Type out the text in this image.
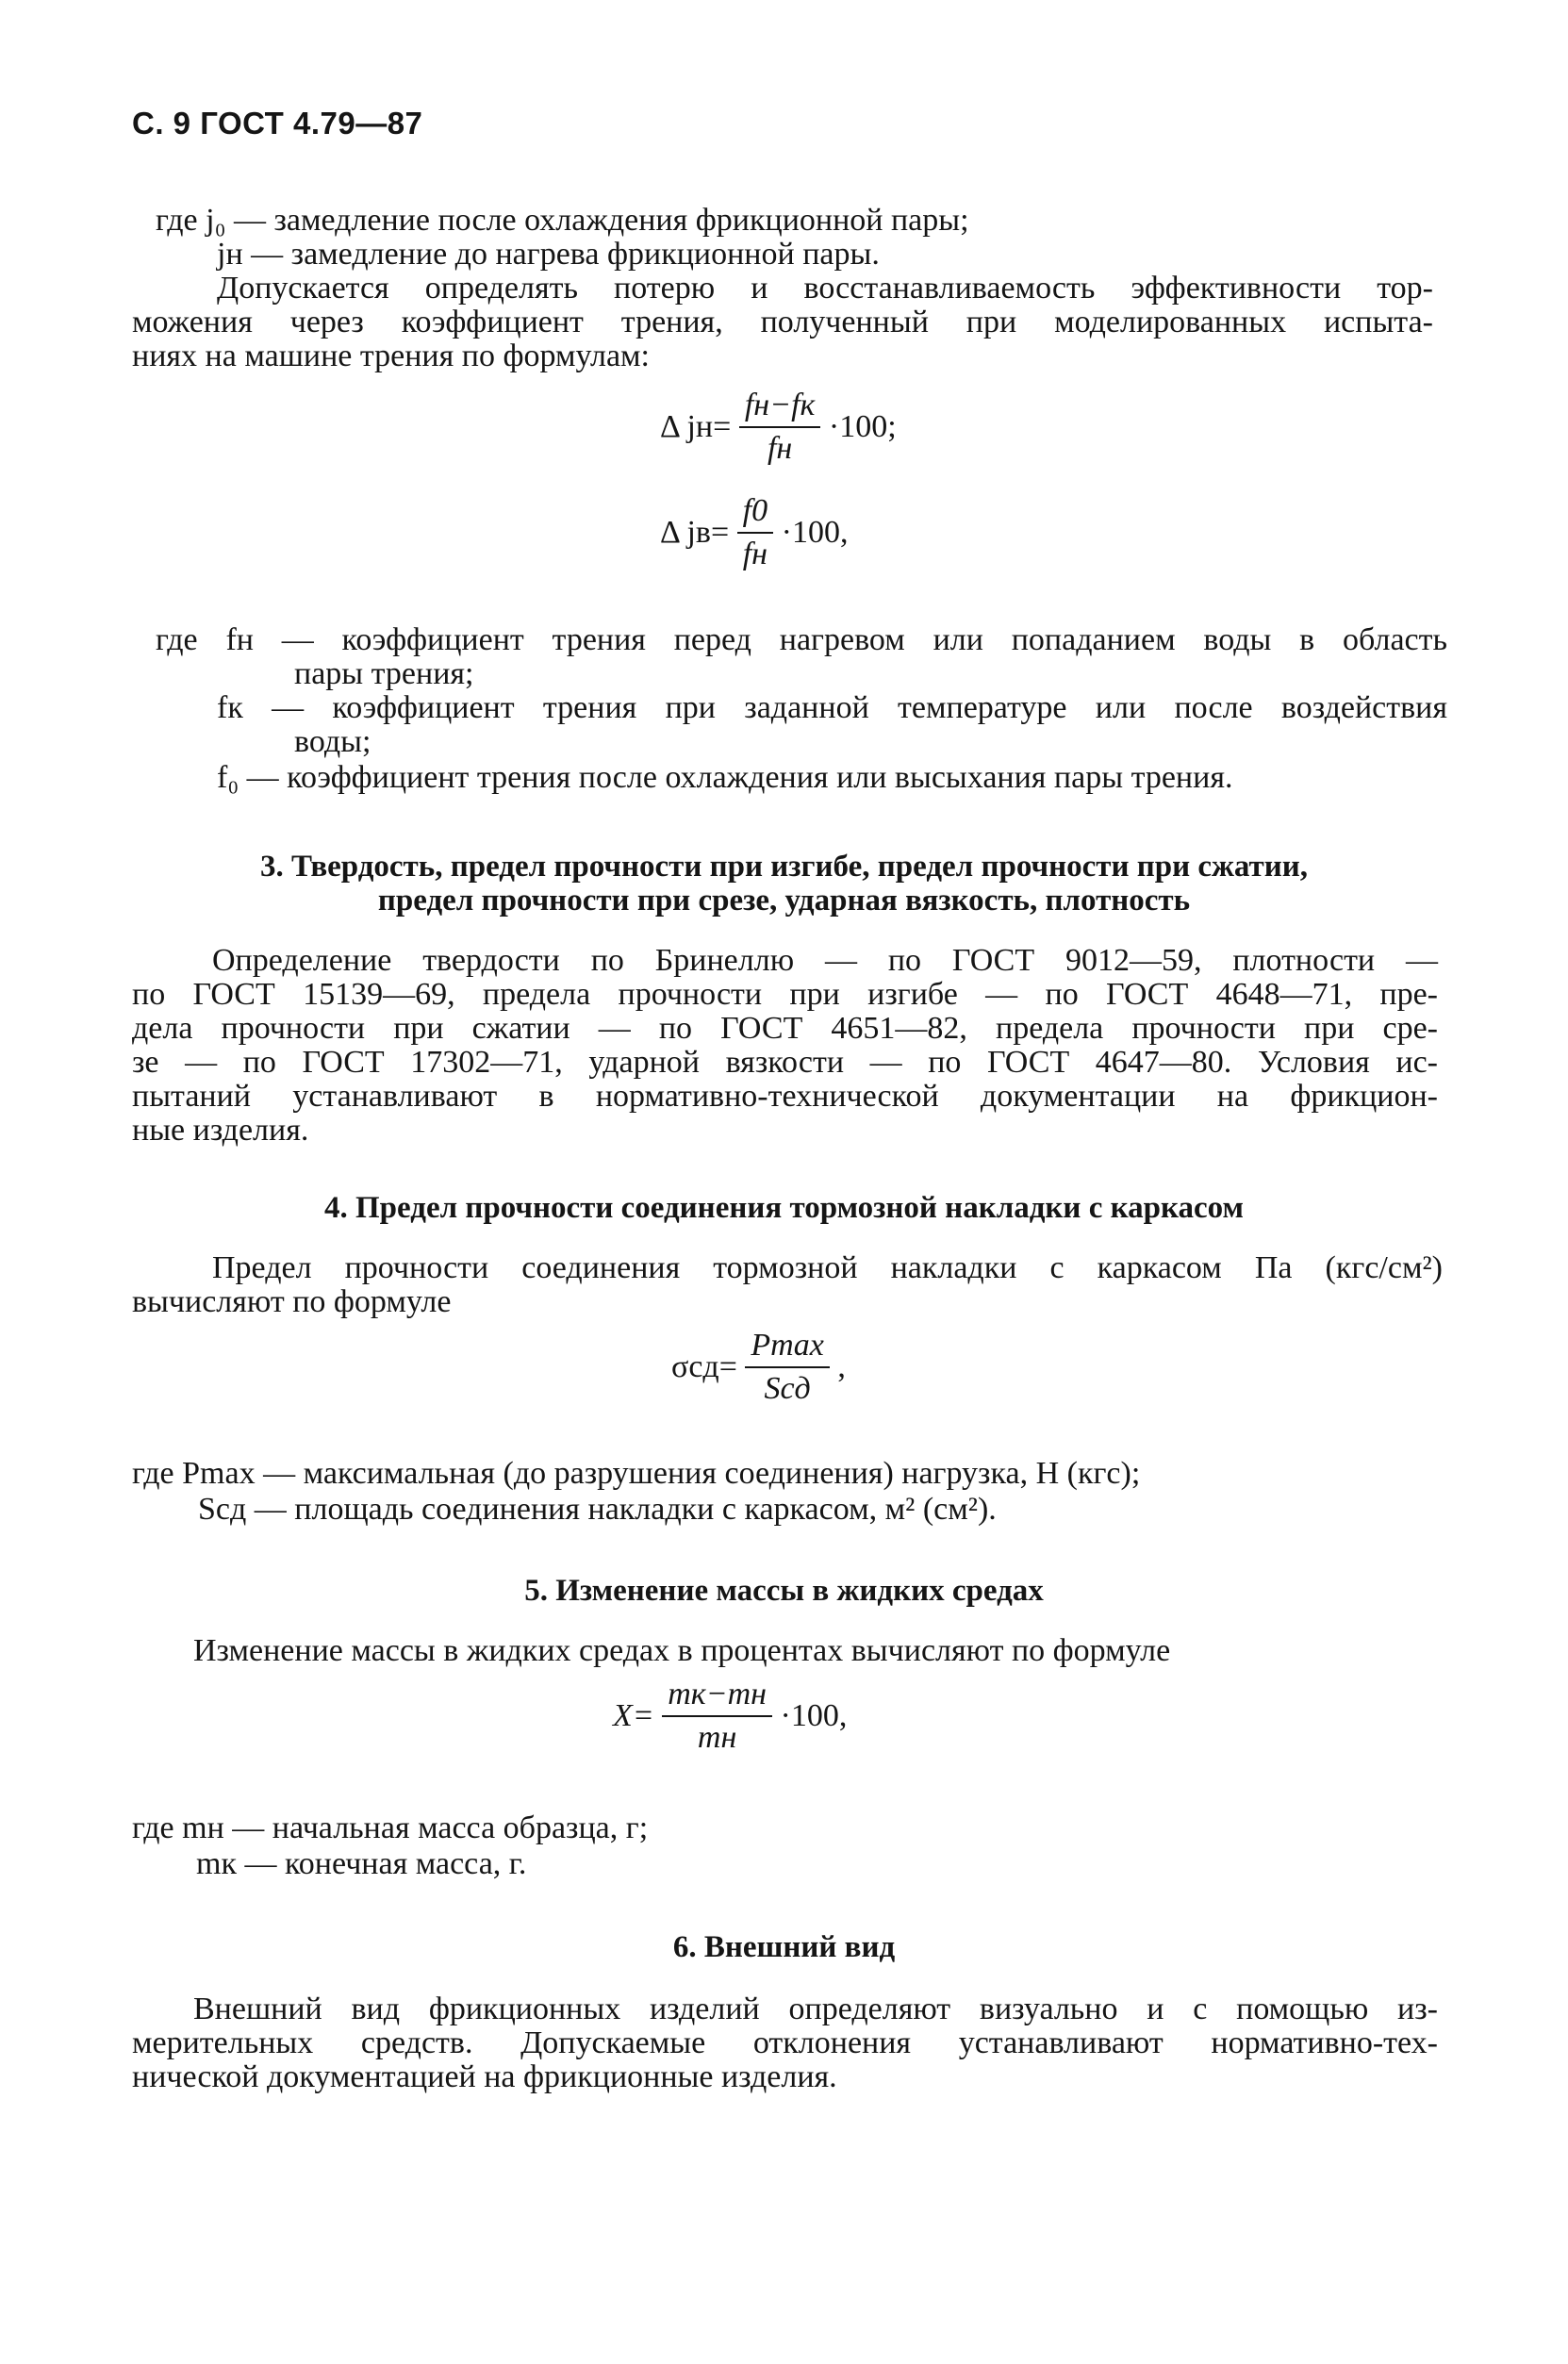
С. 9 ГОСТ 4.79—87
где j₀ — замедление после охлаждения фрикционной пары;
jн — замедление до нагрева фрикционной пары.
Допускается определять потерю и восстанавливаемость эффективности тор-
можения через коэффициент трения, полученный при моделированных испыта-
ниях на машине трения по формулам:
Δ $jн= \frac{fн-fк}{fн} \cdot 100$;
Δ $jв= \frac{f0}{fн} \cdot 100$,
где fн — коэффициент трения перед нагревом или попаданием воды в область
пары трения;
fк — коэффициент трения при заданной температуре или после воздействия
воды;
f₀ — коэффициент трения после охлаждения или высыхания пары трения.
3. Твердость, предел прочности при изгибе, предел прочности при сжатии,
предел прочности при срезе, ударная вязкость, плотность
Определение твердости по Бринеллю — по ГОСТ 9012—59, плотности —
по ГОСТ 15139—69, предела прочности при изгибе — по ГОСТ 4648—71, пре-
дела прочности при сжатии — по ГОСТ 4651—82, предела прочности при сре-
зе — по ГОСТ 17302—71, ударной вязкости — по ГОСТ 4647—80. Условия ис-
пытаний устанавливают в нормативно-технической документации на фрикцион-
ные изделия.
4. Предел прочности соединения тормозной накладки с каркасом
Предел прочности соединения тормозной накладки с каркасом Па (кгс/см²)
вычисляют по формуле
$\sigma сд= \frac{Pmax}{\text{Sсд}}$ ,
где Pmax — максимальная (до разрушения соединения) нагрузка, Н (кгс);
Sсд — площадь соединения накладки с каркасом, м² (см²).
5. Изменение массы в жидких средах
Изменение массы в жидких средах в процентах вычисляют по формуле
$X= \frac{mк-mн}{mн} \cdot 100$,
где mн — начальная масса образца, г;
mк — конечная масса, г.
6. Внешний вид
Внешний вид фрикционных изделий определяют визуально и с помощью из-
мерительных средств. Допускаемые отклонения устанавливают нормативно-тех-
нической документацией на фрикционные изделия.
